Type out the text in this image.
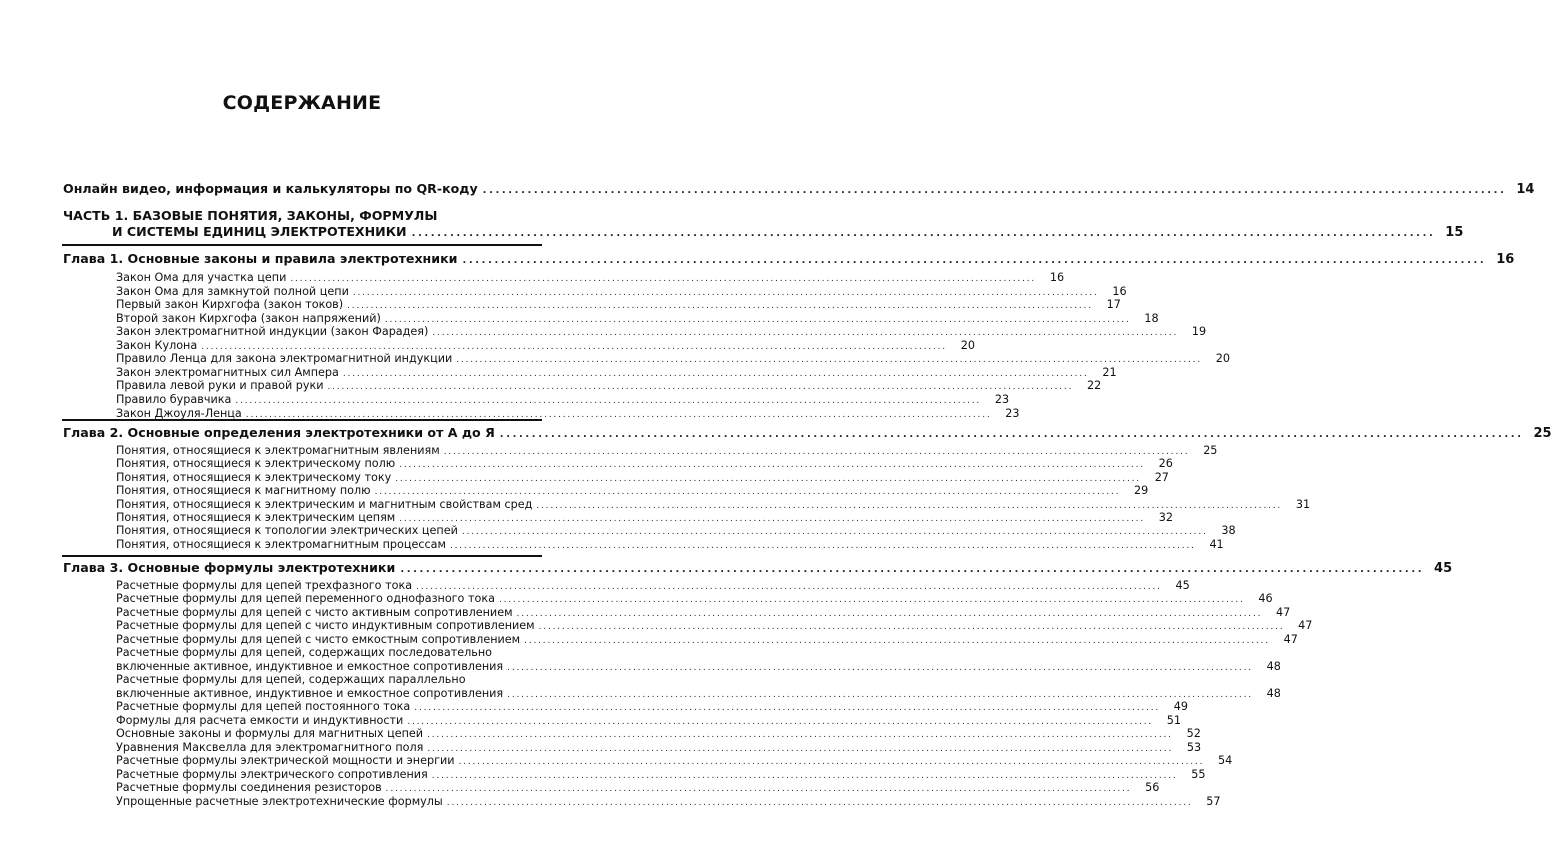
СОДЕРЖАНИЕ
Онлайн видео, информация и калькуляторы по QR-коду ................................................................................................................................................................ 14
ЧАСТЬ 1. БАЗОВЫЕ ПОНЯТИЯ, ЗАКОНЫ, ФОРМУЛЫ
И СИСТЕМЫ ЕДИНИЦ ЭЛЕКТРОТЕХНИКИ ................................................................................................................................................................ 15
Глава 1. Основные законы и правила электротехники ................................................................................................................................................................ 16
Закон Ома для участка цепи ................................................................................................................................................................	16
Закон Ома для замкнутой полной цепи ................................................................................................................................................................	16
Первый закон Кирхгофа (закон токов) ................................................................................................................................................................	17
Второй закон Кирхгофа (закон напряжений) ................................................................................................................................................................	18
Закон электромагнитной индукции (закон Фарадея) ................................................................................................................................................................	19
Закон Кулона ................................................................................................................................................................	20
Правило Ленца для закона электромагнитной индукции ................................................................................................................................................................	20
Закон электромагнитных сил Ампера ................................................................................................................................................................	21
Правила левой руки и правой руки ................................................................................................................................................................	22
Правило буравчика ................................................................................................................................................................	23
Закон Джоуля-Ленца ................................................................................................................................................................	23
Глава 2. Основные определения электротехники от А до Я ................................................................................................................................................................ 25
Понятия, относящиеся к электромагнитным явлениям ................................................................................................................................................................	25
Понятия, относящиеся к электрическому полю ................................................................................................................................................................	26
Понятия, относящиеся к электрическому току ................................................................................................................................................................	27
Понятия, относящиеся к магнитному полю ................................................................................................................................................................	29
Понятия, относящиеся к электрическим и магнитным свойствам сред ................................................................................................................................................................	31
Понятия, относящиеся к электрическим цепям ................................................................................................................................................................	32
Понятия, относящиеся к топологии электрических цепей ................................................................................................................................................................	38
Понятия, относящиеся к электромагнитным процессам ................................................................................................................................................................	41
Глава 3. Основные формулы электротехники ................................................................................................................................................................ 45
Расчетные формулы для цепей трехфазного тока ................................................................................................................................................................	45
Расчетные формулы для цепей переменного однофазного тока ................................................................................................................................................................	46
Расчетные формулы для цепей с чисто активным сопротивлением ................................................................................................................................................................	47
Расчетные формулы для цепей с чисто индуктивным сопротивлением ................................................................................................................................................................	47
Расчетные формулы для цепей с чисто емкостным сопротивлением ................................................................................................................................................................	47
Расчетные формулы для цепей, содержащих последовательно
включенные активное, индуктивное и емкостное сопротивления ................................................................................................................................................................	48
Расчетные формулы для цепей, содержащих параллельно
включенные активное, индуктивное и емкостное сопротивления ................................................................................................................................................................	48
Расчетные формулы для цепей постоянного тока ................................................................................................................................................................	49
Формулы для расчета емкости и индуктивности ................................................................................................................................................................	51
Основные законы и формулы для магнитных цепей ................................................................................................................................................................	52
Уравнения Максвелла для электромагнитного поля ................................................................................................................................................................	53
Расчетные формулы электрической мощности и энергии ................................................................................................................................................................	54
Расчетные формулы электрического сопротивления ................................................................................................................................................................	55
Расчетные формулы соединения резисторов ................................................................................................................................................................	56
Упрощенные расчетные электротехнические формулы ................................................................................................................................................................	57
